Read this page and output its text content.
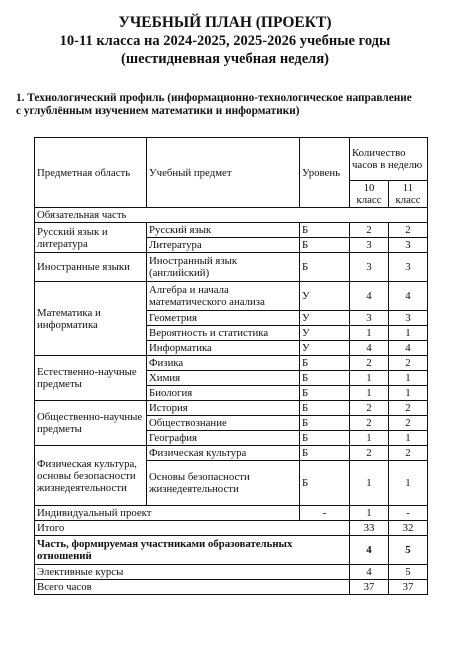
УЧЕБНЫЙ ПЛАН (ПРОЕКТ)
10-11 класса на 2024-2025, 2025-2026 учебные годы
(шестидневная учебная неделя)
1. Технологический профиль (информационно-технологическое направление
с углублённым изучением математики и информатики)
Предметная область	Учебный предмет	Уровень	Количество часов в неделю	
			10 класс	11 класс
Обязательная часть				
Русский язык и литература	Русский язык	Б	2	2
	Литература	Б	3	3
Иностранные языки	Иностранный язык (английский)	Б	3	3
Математика и информатика	Алгебра и начала математического анализа	У	4	4
	Геометрия	У	3	3
	Вероятность и статистика	У	1	1
	Информатика	У	4	4
Естественно-научные предметы	Физика	Б	2	2
	Химия	Б	1	1
	Биология	Б	1	1
Общественно-научные предметы	История	Б	2	2
	Обществознание	Б	2	2
	География	Б	1	1
Физическая культура, основы безопасности жизнедеятельности	Физическая культура	Б	2	2
	Основы безопасности жизнедеятельности	Б	1	1
Индивидуальный проект		-	1	-
Итого			33	32
Часть, формируемая участниками образовательных отношений			4	5
Элективные курсы			4	5
Всего часов			37	37
